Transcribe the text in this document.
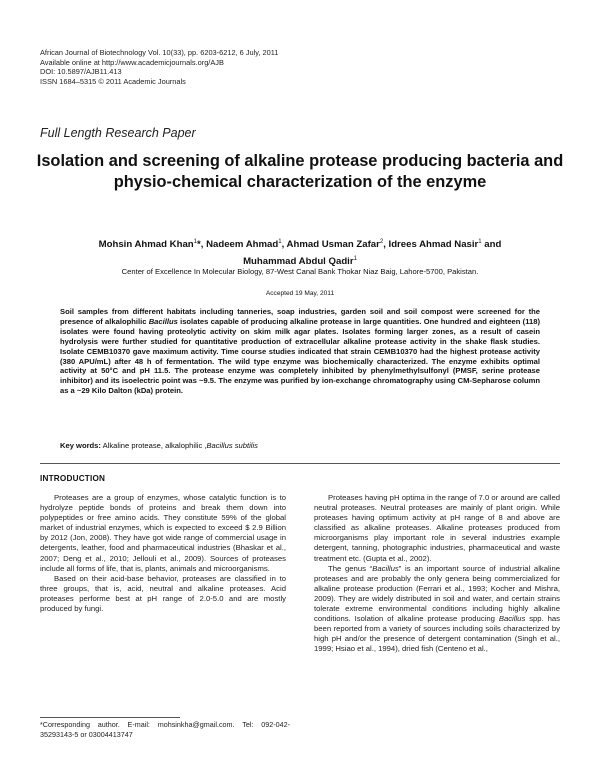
African Journal of Biotechnology Vol. 10(33), pp. 6203-6212, 6 July, 2011
Available online at http://www.academicjournals.org/AJB
DOI: 10.5897/AJB11.413
ISSN 1684–5315 © 2011 Academic Journals
Full Length Research Paper
Isolation and screening of alkaline protease producing bacteria and physio-chemical characterization of the enzyme
Mohsin Ahmad Khan$^1$*, Nadeem Ahmad$^1$, Ahmad Usman Zafar$^2$, Idrees Ahmad Nasir$^1$ and
Muhammad Abdul Qadir$^1$
Center of Excellence In Molecular Biology, 87-West Canal Bank Thokar Niaz Baig, Lahore-5700, Pakistan.
Accepted 19 May, 2011
Soil samples from different habitats including tanneries, soap industries, garden soil and soil compost were screened for the presence of alkalophilic Bacillus isolates capable of producing alkaline protease in large quantities. One hundred and eighteen (118) isolates were found having proteolytic activity on skim milk agar plates. Isolates forming larger zones, as a result of casein hydrolysis were further studied for quantitative production of extracellular alkaline protease activity in the shake flask studies. Isolate CEMB10370 gave maximum activity. Time course studies indicated that strain CEMB10370 had the highest protease activity (380 APU/mL) after 48 h of fermentation. The wild type enzyme was biochemically characterized. The enzyme exhibits optimal activity at 50°C and pH 11.5. The protease enzyme was completely inhibited by phenylmethylsulfonyl (PMSF, serine protease inhibitor) and its isoelectric point was ~9.5. The enzyme was purified by ion-exchange chromatography using CM-Sepharose column as a ~29 Kilo Dalton (kDa) protein.
Key words: Alkaline protease, alkalophilic ,Bacillus subtilis
INTRODUCTION

Proteases are a group of enzymes, whose catalytic function is to hydrolyze peptide bonds of proteins and break them down into polypeptides or free amino acids. They constitute 59% of the global market of industrial enzymes, which is expected to exceed $ 2.9 Billion by 2012 (Jon, 2008). They have got wide range of commercial usage in detergents, leather, food and pharmaceutical industries (Bhaskar et al., 2007; Deng et al., 2010; Jellouli et al., 2009). Sources of proteases include all forms of life, that is, plants, animals and microorganisms.

Based on their acid-base behavior, proteases are classified in to three groups, that is, acid, neutral and alkaline proteases. Acid proteases performe best at pH range of 2.0-5.0 and are mostly produced by fungi.

Proteases having pH optima in the range of 7.0 or around are called neutral proteases. Neutral proteases are mainly of plant origin. While proteases having optimum activity at pH range of 8 and above are classified as alkaline proteases. Alkaline proteases produced from microorganisms play important role in several industries example detergent, tanning, photographic industries, pharmaceutical and waste treatment etc. (Gupta et al., 2002).

The genus “Bacillus” is an important source of industrial alkaline proteases and are probably the only genera being commercialized for alkaline protease production (Ferrari et al., 1993; Kocher and Mishra, 2009). They are widely distributed in soil and water, and certain strains tolerate extreme environmental conditions including highly alkaline conditions. Isolation of alkaline protease producing Bacillus spp. has been reported from a variety of sources including soils characterized by high pH and/or the presence of detergent contamination (Singh et al., 1999; Hsiao et al., 1994), dried fish (Centeno et al.,

*Corresponding author. E-mail: mohsinkha@gmail.com. Tel: 092-042-35293143-5 or 03004413747
